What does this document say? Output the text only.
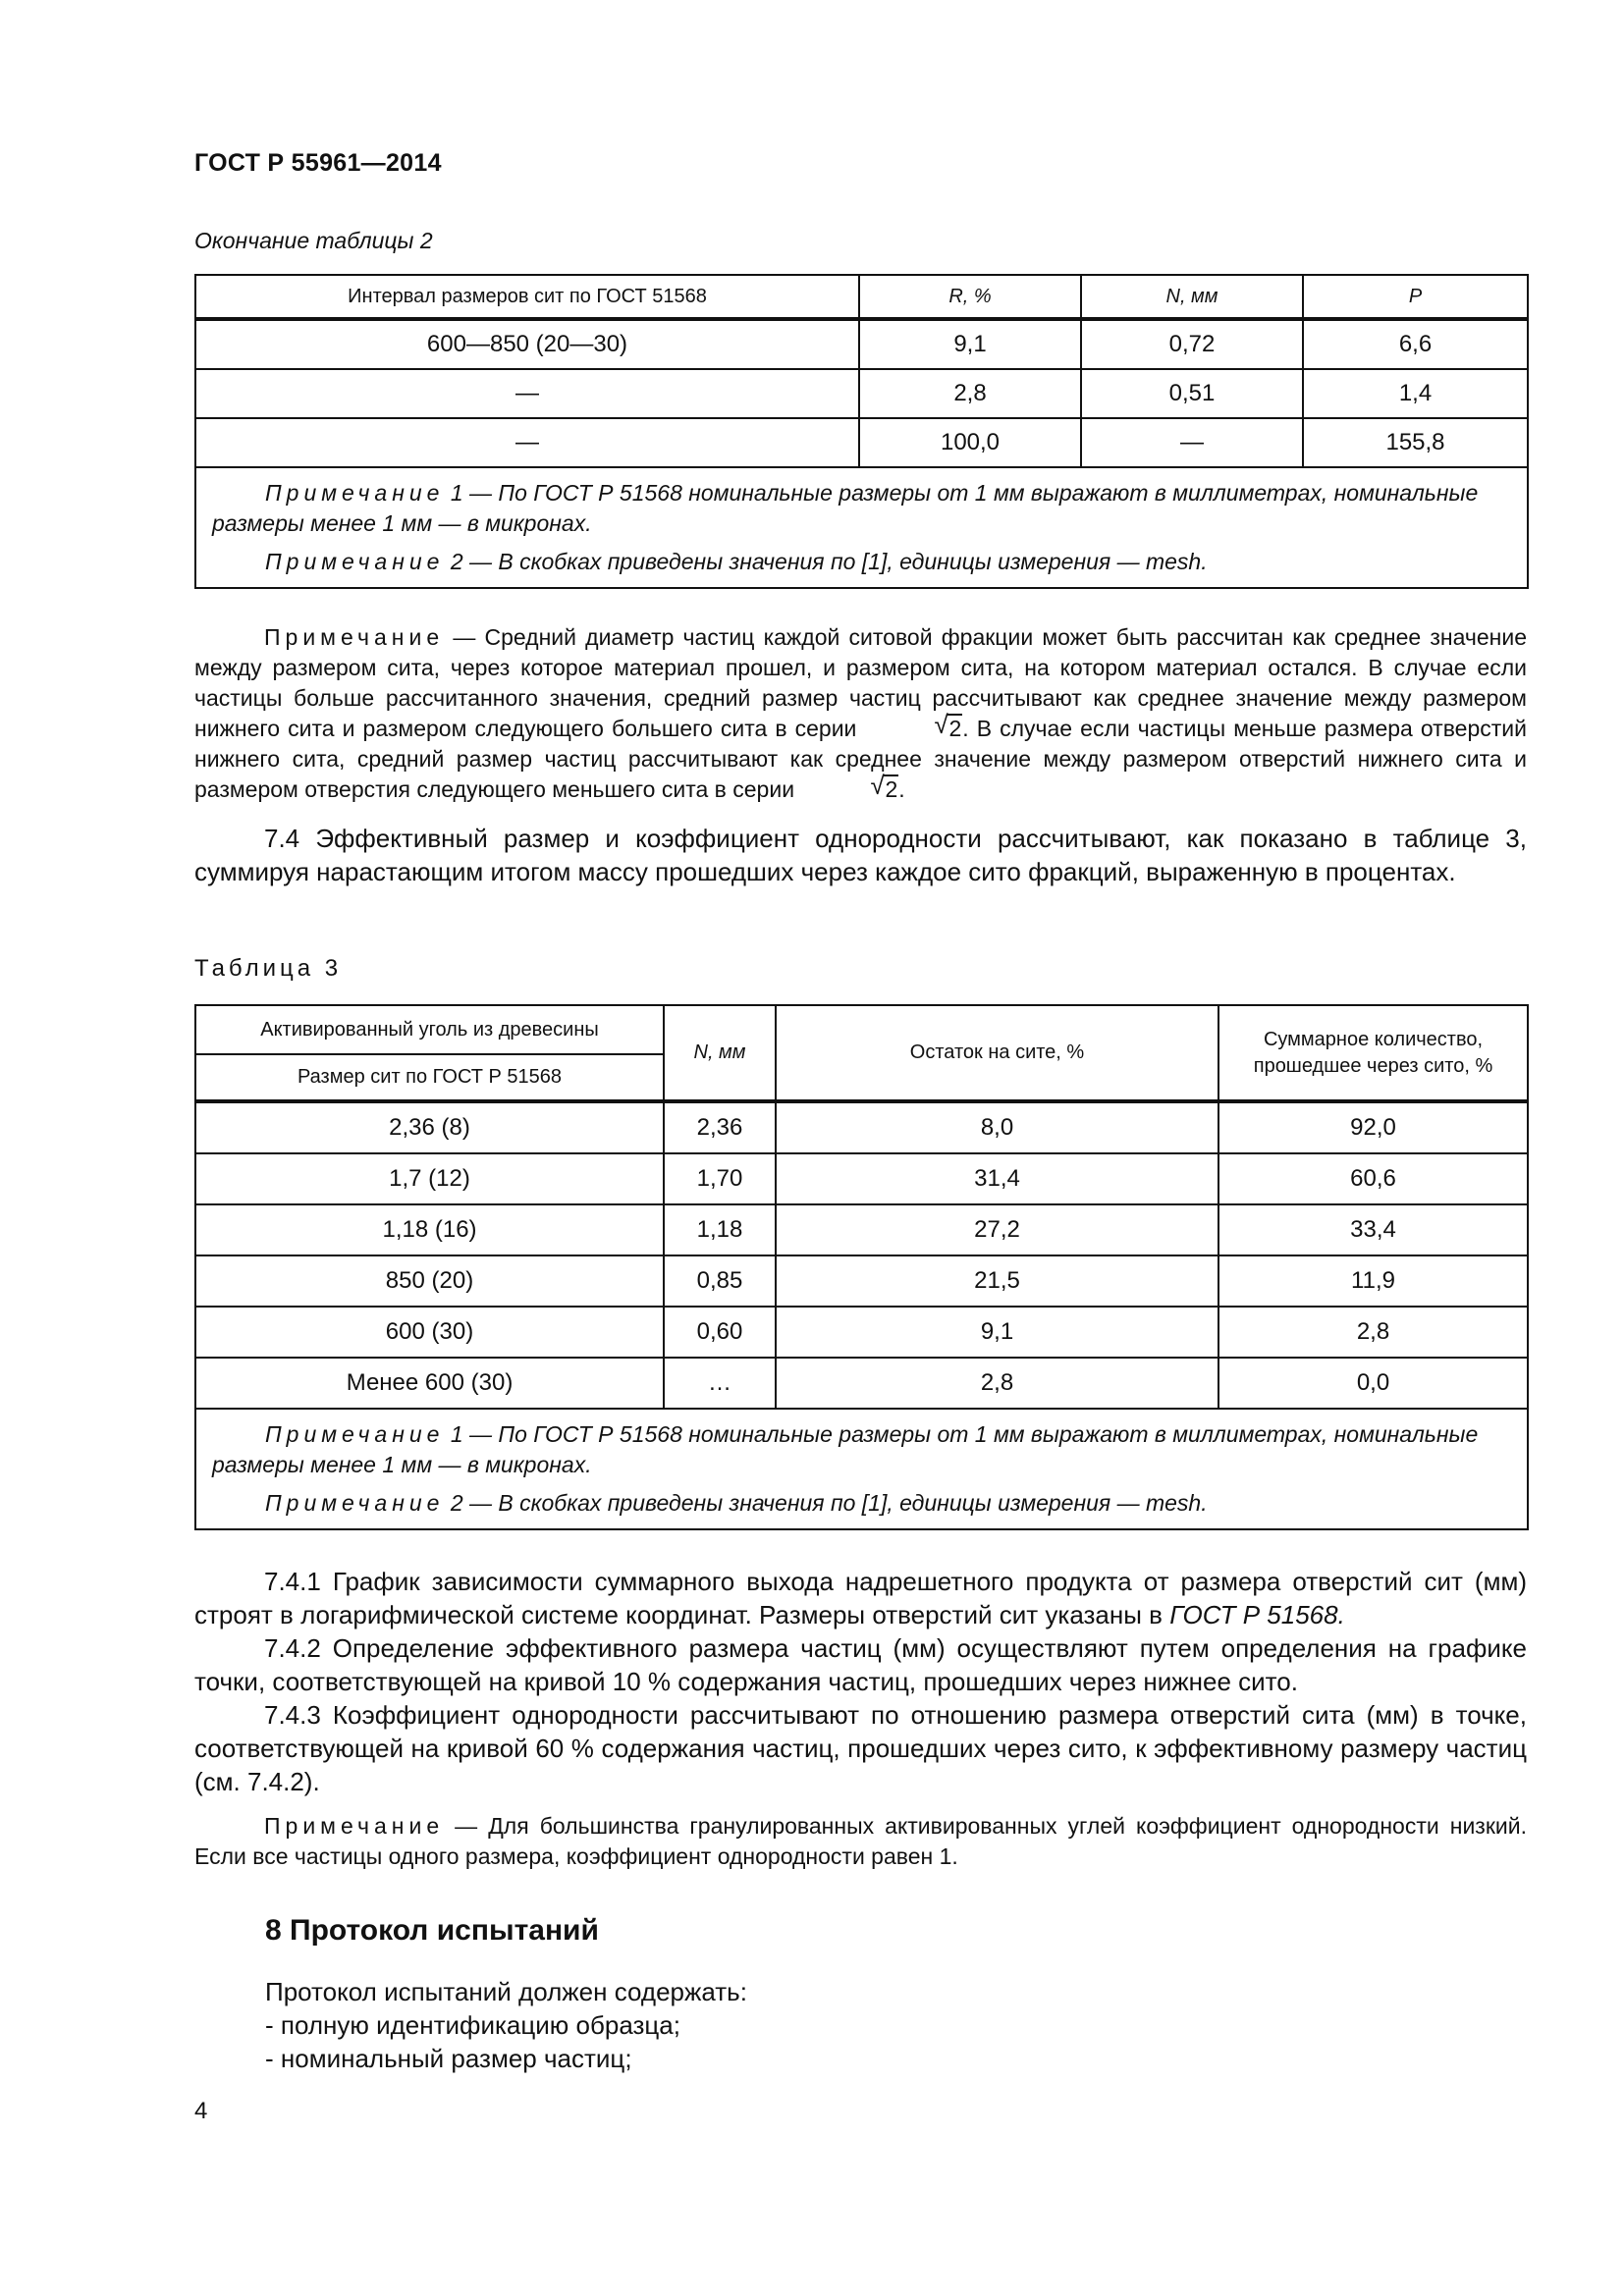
ГОСТ Р 55961—2014
Окончание таблицы 2
Интервал размеров сит по ГОСТ 51568	R, %	N, мм	P
600—850 (20—30)	9,1	0,72	6,6
—	2,8	0,51	1,4
—	100,0	—	155,8

Примечание 1 — По ГОСТ Р 51568 номинальные размеры от 1 мм выражают в миллиметрах, номинальные размеры менее 1 мм — в микронах.
Примечание 2 — В скобках приведены значения по [1], единицы измерения — mesh.			
Примечание — Средний диаметр частиц каждой ситовой фракции может быть рассчитан как среднее значение между размером сита, через которое материал прошел, и размером сита, на котором материал остался. В случае если частицы больше рассчитанного значения, средний размер частиц рассчитывают как среднее значение между размером нижнего сита и размером следующего большего сита в серии	√ 2. В случае если частицы меньше размера отверстий нижнего сита, средний размер частиц рассчитывают как среднее значение между размером отверстий нижнего сита и размером отверстия следующего меньшего сита в серии	√ 2.
7.4 Эффективный размер и коэффициент однородности рассчитывают, как показано в таблице 3, суммируя нарастающим итогом массу прошедших через каждое сито фракций, выраженную в процентах.
Таблица 3
Активированный уголь из древесины	N, мм	Остаток на сите, %	Суммарное количество, прошедшее через сито, %
Размер сит по ГОСТ Р 51568			
2,36 (8)	2,36	8,0	92,0
1,7 (12)	1,70	31,4	60,6
1,18 (16)	1,18	27,2	33,4
850 (20)	0,85	21,5	11,9
600 (30)	0,60	9,1	2,8
Менее 600 (30)	…	2,8	0,0

Примечание 1 — По ГОСТ Р 51568 номинальные размеры от 1 мм выражают в миллиметрах, номинальные размеры менее 1 мм — в микронах.
Примечание 2 — В скобках приведены значения по [1], единицы измерения — mesh.			
7.4.1 График зависимости суммарного выхода надрешетного продукта от размера отверстий сит (мм) строят в логарифмической системе координат. Размеры отверстий сит указаны в ГОСТ Р 51568.
7.4.2 Определение эффективного размера частиц (мм) осуществляют путем определения на графике точки, соответствующей на кривой 10 % содержания частиц, прошедших через нижнее сито.
7.4.3 Коэффициент однородности рассчитывают по отношению размера отверстий сита (мм) в точке, соответствующей на кривой 60 % содержания частиц, прошедших через сито, к эффективному размеру частиц (см. 7.4.2).
Примечание — Для большинства гранулированных активированных углей коэффициент однородности низкий. Если все частицы одного размера, коэффициент однородности равен 1.
8 Протокол испытаний
Протокол испытаний должен содержать:
- полную идентификацию образца;
- номинальный размер частиц;
4
